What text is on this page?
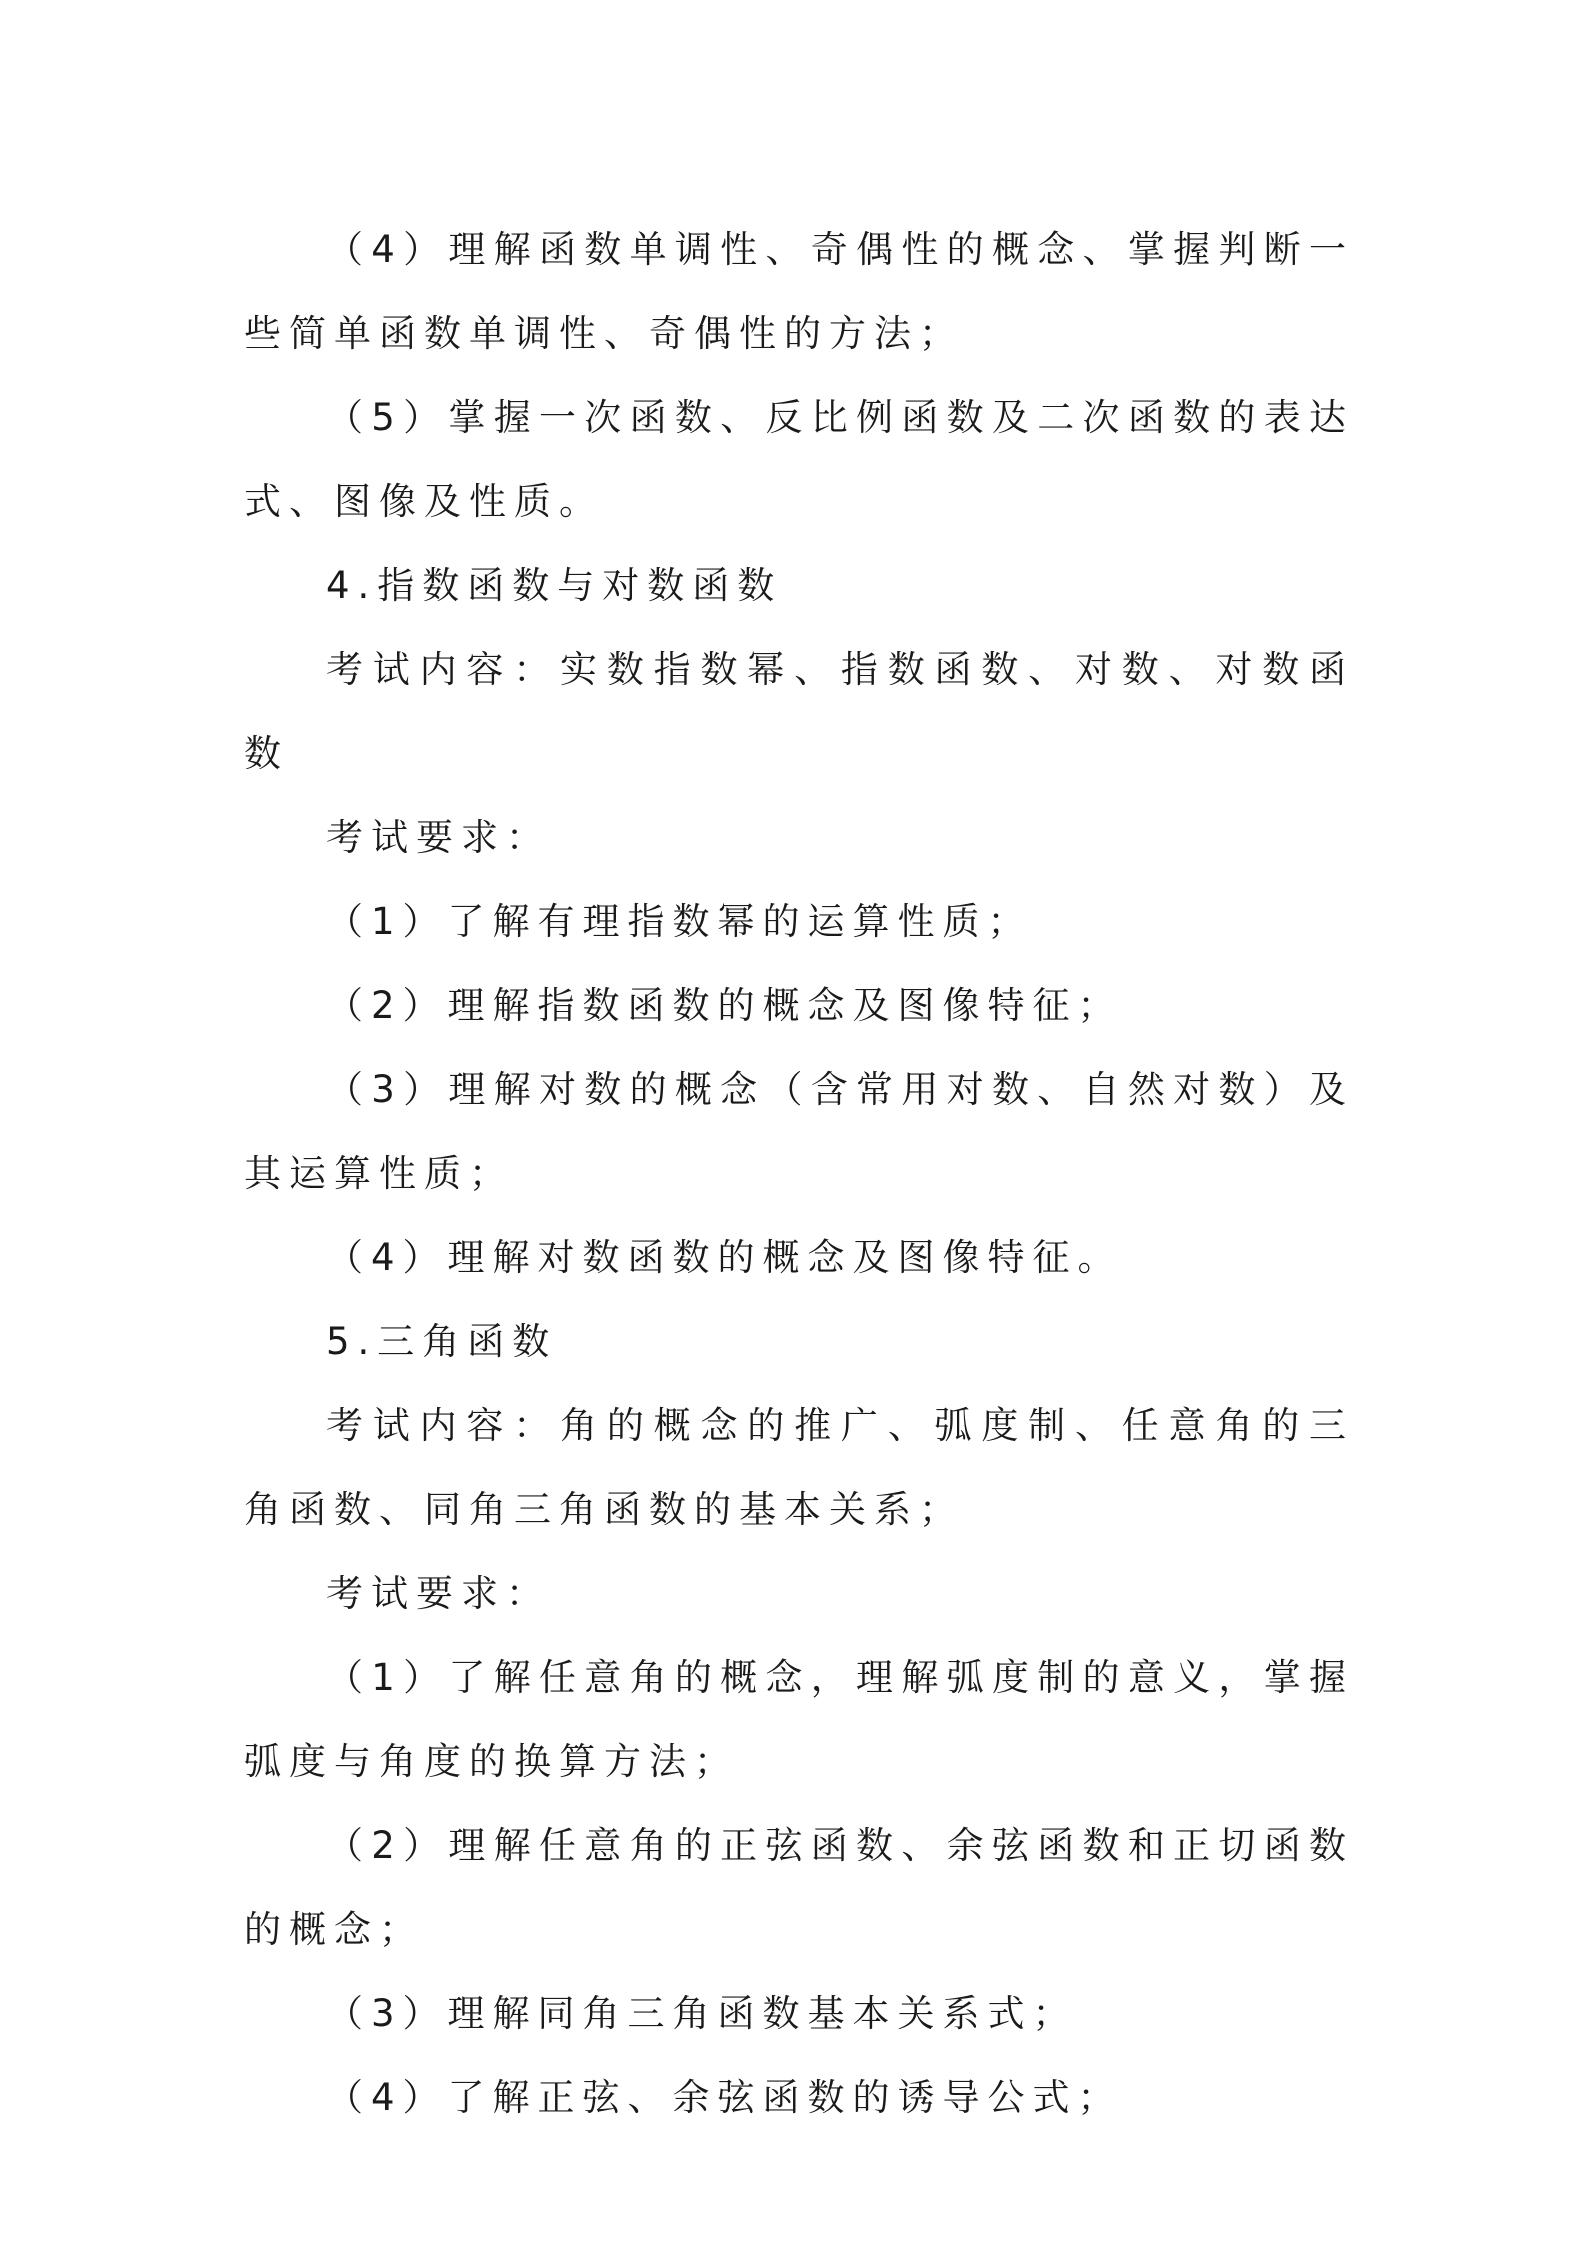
（4）理解函数单调性、奇偶性的概念、掌握判断一些简单函数单调性、奇偶性的方法；

（5）掌握一次函数、反比例函数及二次函数的表达式、图像及性质。

4.指数函数与对数函数

考试内容：实数指数幂、指数函数、对数、对数函数

考试要求：

（1）了解有理指数幂的运算性质；

（2）理解指数函数的概念及图像特征；

（3）理解对数的概念（含常用对数、自然对数）及其运算性质；

（4）理解对数函数的概念及图像特征。

5.三角函数

考试内容：角的概念的推广、弧度制、任意角的三角函数、同角三角函数的基本关系；

考试要求：

（1）了解任意角的概念，理解弧度制的意义，掌握弧度与角度的换算方法；

（2）理解任意角的正弦函数、余弦函数和正切函数的概念；

（3）理解同角三角函数基本关系式；

（4）了解正弦、余弦函数的诱导公式；
